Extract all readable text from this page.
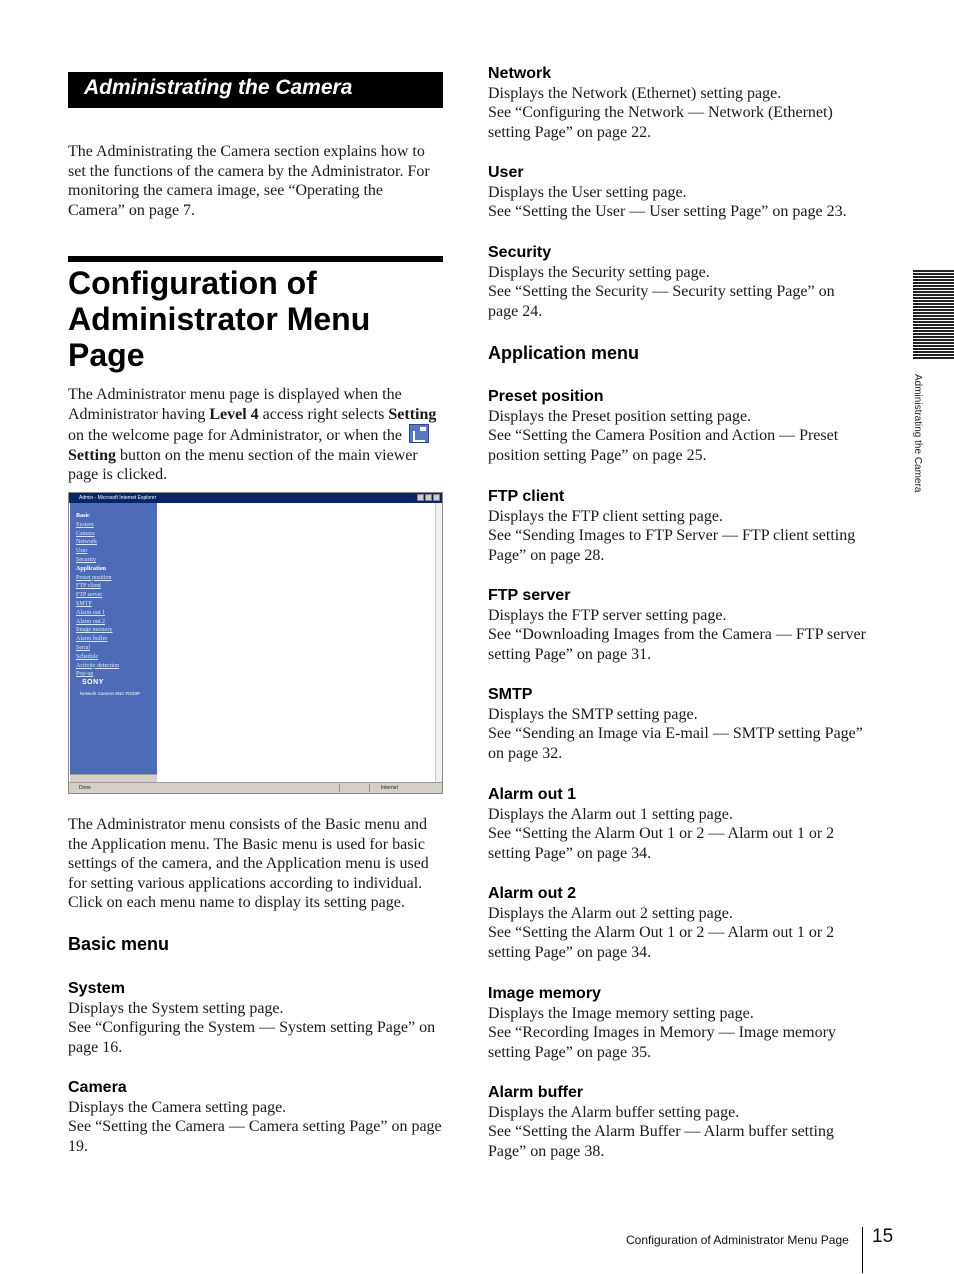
Administrating the Camera

The Administrating the Camera section explains how to set the functions of the camera by the Administrator. For monitoring the camera image, see “Operating the Camera” on page 7.

Configuration of Administrator Menu Page

The Administrator menu page is displayed when the Administrator having Level 4 access right selects Setting on the welcome page for Administrator, or when the Setting button on the menu section of the main viewer page is clicked.

Admin - Microsoft Internet Explorer
Basic
System
Camera
Network
User
Security
Application
Preset position
FTP client
FTP server
SMTP
Alarm out 1
Alarm out 2
Image memory
Alarm buffer
Serial
Schedule
Activity detection
Pop-up
SONY
Network Camera SNC-RZ30P
Done	Internet

The Administrator menu consists of the Basic menu and the Application menu. The Basic menu is used for basic settings of the camera, and the Application menu is used for setting various applications according to individual. Click on each menu name to display its setting page.

Basic menu
System

Displays the System setting page.

See “Configuring the System — System setting Page” on page 16.

Camera

Displays the Camera setting page.

See “Setting the Camera — Camera setting Page” on page 19.

Network

Displays the Network (Ethernet) setting page.

See “Configuring the Network — Network (Ethernet) setting Page” on page 22.

User

Displays the User setting page.

See “Setting the User — User setting Page” on page 23.

Security

Displays the Security setting page.

See “Setting the Security — Security setting Page” on page 24.

Application menu
Preset position

Displays the Preset position setting page.

See “Setting the Camera Position and Action — Preset position setting Page” on page 25.

FTP client

Displays the FTP client setting page.

See “Sending Images to FTP Server — FTP client setting Page” on page 28.

FTP server

Displays the FTP server setting page.

See “Downloading Images from the Camera — FTP server setting Page” on page 31.

SMTP

Displays the SMTP setting page.

See “Sending an Image via E-mail — SMTP setting Page” on page 32.

Alarm out 1

Displays the Alarm out 1 setting page.

See “Setting the Alarm Out 1 or 2 — Alarm out 1 or 2 setting Page” on page 34.

Alarm out 2

Displays the Alarm out 2 setting page.

See “Setting the Alarm Out 1 or 2 — Alarm out 1 or 2 setting Page” on page 34.

Image memory

Displays the Image memory setting page.

See “Recording Images in Memory — Image memory setting Page” on page 35.

Alarm buffer

Displays the Alarm buffer setting page.

See “Setting the Alarm Buffer — Alarm buffer setting Page” on page 38.

Administrating the Camera
Configuration of Administrator Menu Page 15
